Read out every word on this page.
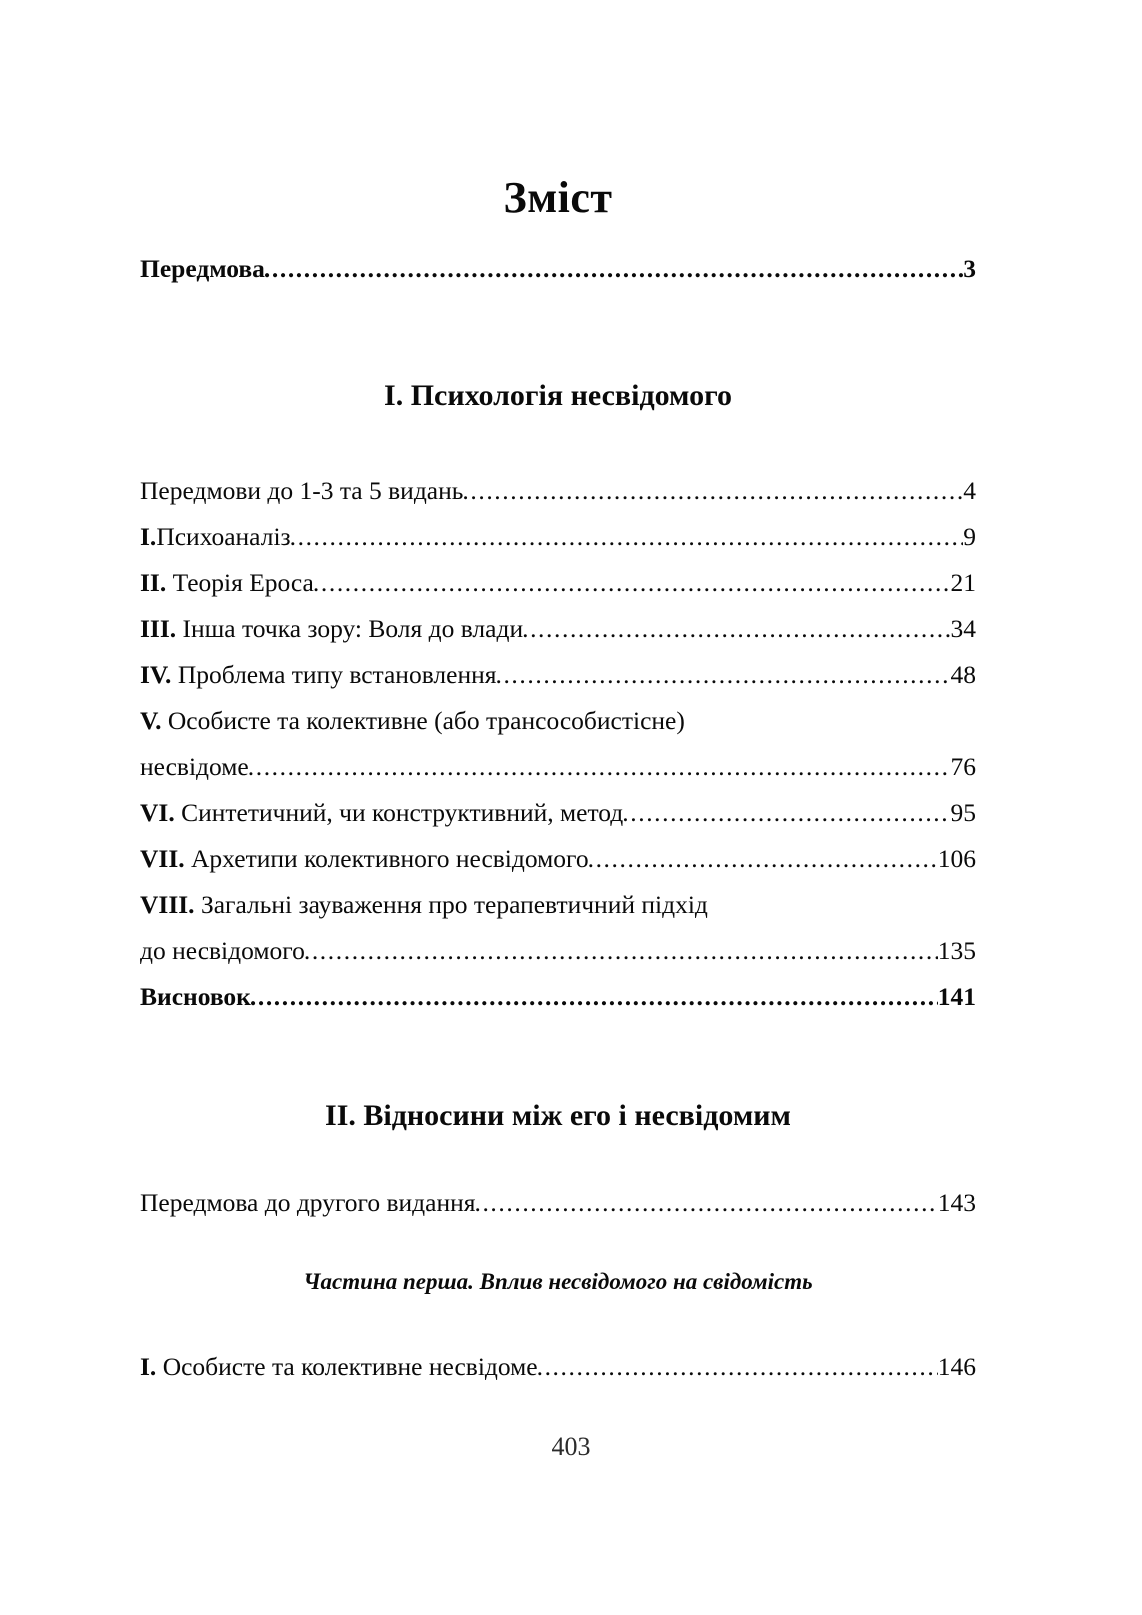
Зміст
Передмова .....	3
I. Психологія несвідомого
Передмови до 1-3 та 5 видань .....	4
I.Психоаналіз .....	9
II. Теорія Ероса .....	21
III. Інша точка зору: Воля до влади .....	34
IV. Проблема типу встановлення .....	48
V. Особисте та колективне (або трансособистісне)
несвідоме .....	76
VI. Синтетичний, чи конструктивний, метод .....	95
VII. Архетипи колективного несвідомого .....	106
VIII. Загальні зауваження про терапевтичний підхід
до несвідомого .....	135
Висновок .....	141
II. Відносини між его і несвідомим
Передмова до другого видання .....	143
Частина перша. Вплив несвідомого на свідомість
I. Особисте та колективне несвідоме .....	146
403
